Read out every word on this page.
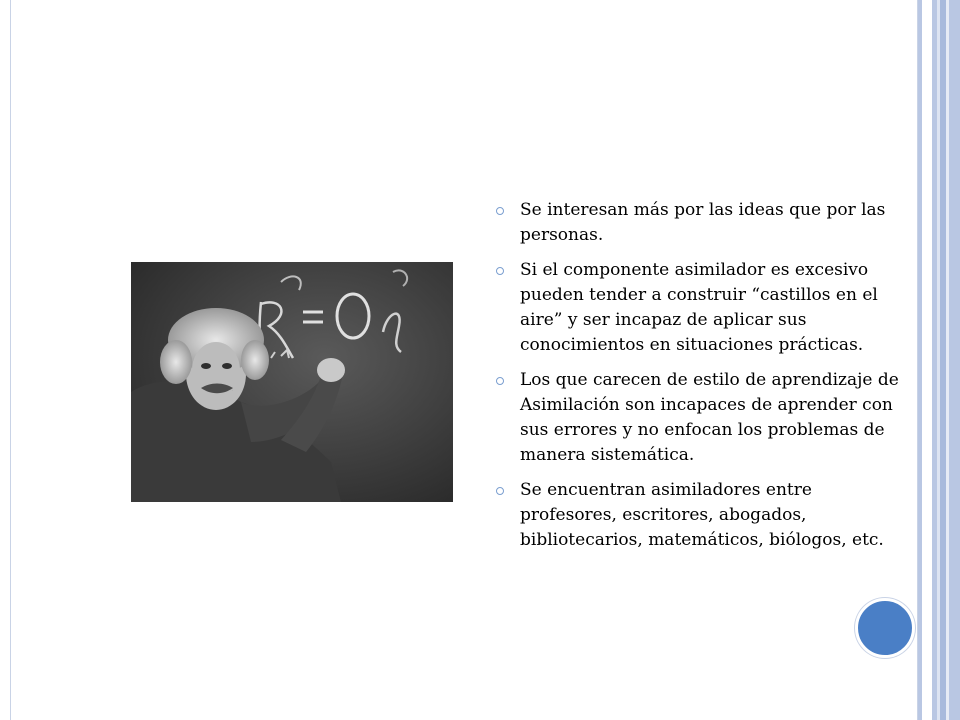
Se interesan más por las ideas que por las personas.
Si el componente asimilador es excesivo pueden tender a construir “castillos en el aire” y ser incapaz de aplicar sus conocimientos en situaciones prácticas.
Los que carecen de estilo de aprendizaje de Asimilación son incapaces de aprender con sus errores y no enfocan los problemas de manera sistemática.
Se encuentran asimiladores entre profesores, escritores, abogados, bibliotecarios, matemáticos, biólogos, etc.
